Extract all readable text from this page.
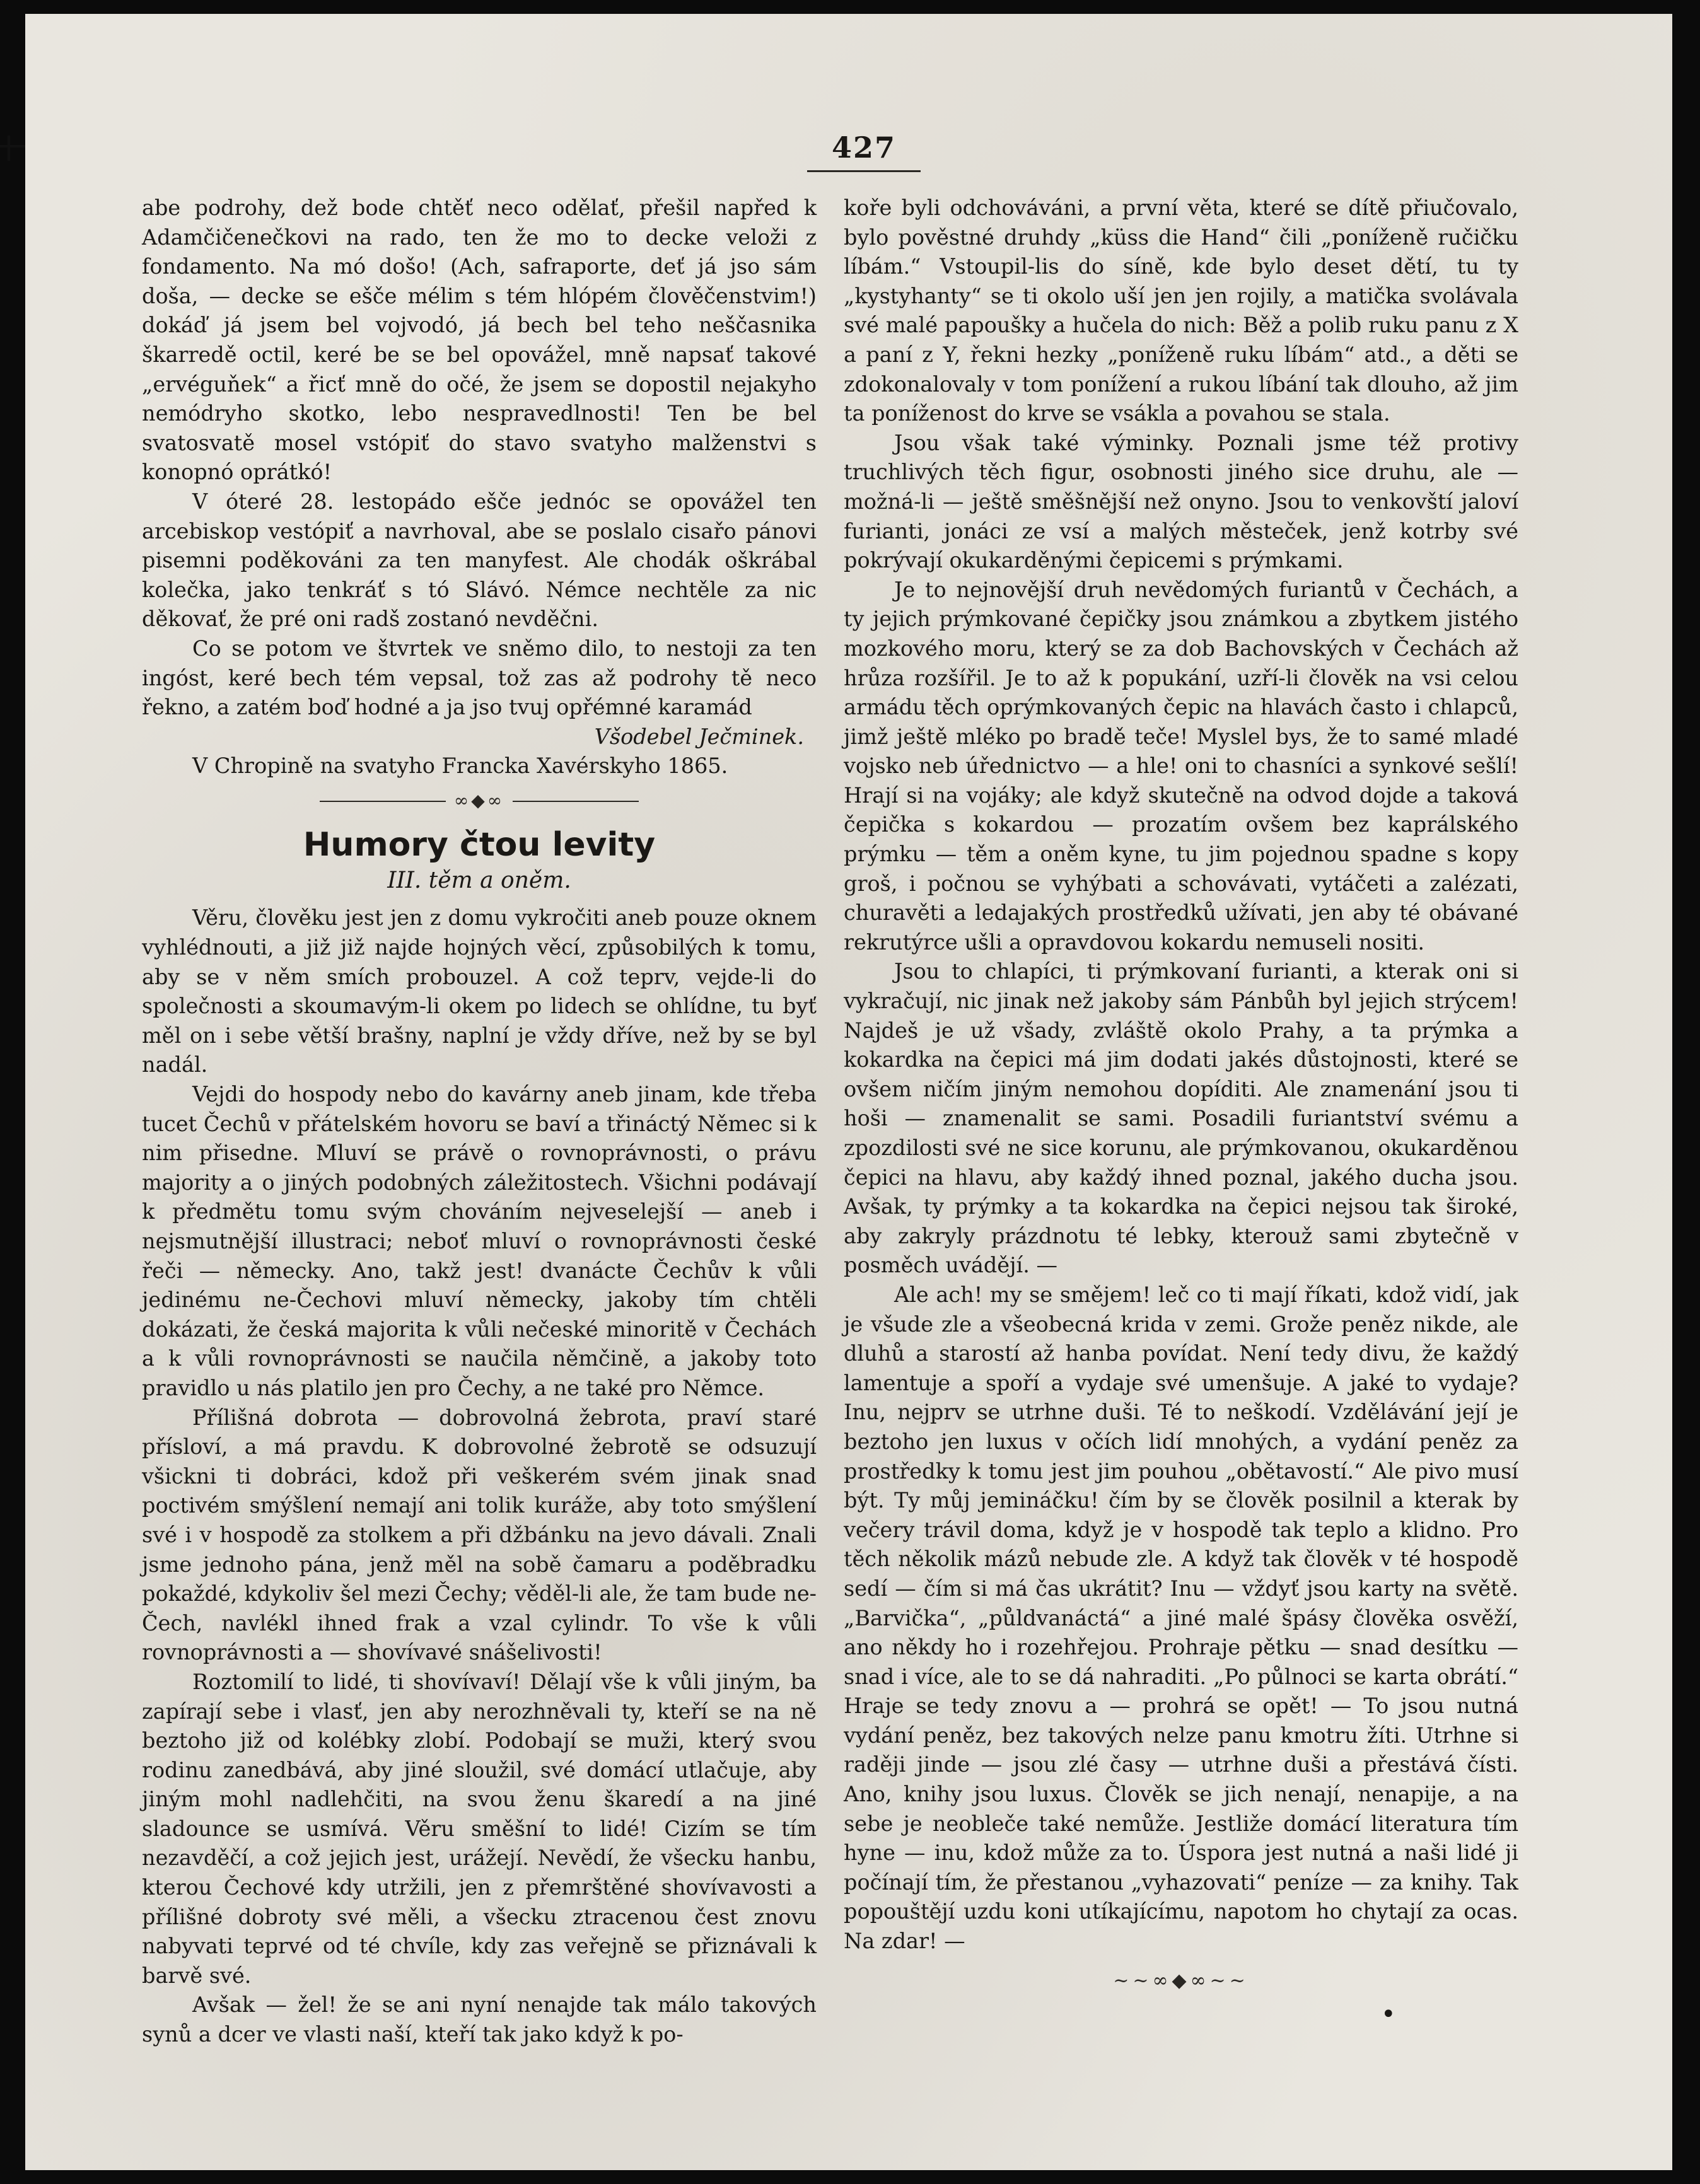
427

abe podrohy, dež bode chtěť neco odělať, přešil napřed k Adamčičenečkovi na rado, ten že mo to decke veloži z fondamento. Na mó došo! (Ach, safraporte, deť já jso sám doša, — decke se ešče mélim s tém hlópém člověčenstvim!) dokáď já jsem bel vojvodó, já bech bel teho neščasnika škarredě octil, keré be se bel opovážel, mně napsať takové „ervéguňek“ a řicť mně do očé, že jsem se dopostil nejakyho nemódryho skotko, lebo nespravedlnosti! Ten be bel svatosvatě mosel vstópiť do stavo svatyho malženstvi s konopnó oprátkó!

V óteré 28. lestopádo ešče jednóc se opovážel ten arcebiskop vestópiť a navrhoval, abe se poslalo cisařo pánovi pisemni poděkováni za ten manyfest. Ale chodák oškrábal kolečka, jako tenkráť s tó Slávó. Némce nechtěle za nic děkovať, že pré oni radš zostanó nevděčni.

Co se potom ve štvrtek ve sněmo dilo, to nestoji za ten ingóst, keré bech tém vepsal, tož zas až podrohy tě neco řekno, a zatém boď hodné a ja jso tvuj opřémné karamád

Všodebel Ječminek.

V Chropině na svatyho Francka Xavérskyho 1865.

∞◆∞
Humory čtou levity
III. těm a oněm.

Věru, člověku jest jen z domu vykročiti aneb pouze oknem vyhlédnouti, a již již najde hojných věcí, způsobilých k tomu, aby se v něm smích probouzel. A což teprv, vejde-li do společnosti a skoumavým-li okem po lidech se ohlídne, tu byť měl on i sebe větší brašny, naplní je vždy dříve, než by se byl nadál.

Vejdi do hospody nebo do kavárny aneb jinam, kde třeba tucet Čechů v přátelském hovoru se baví a třináctý Němec si k nim přisedne. Mluví se právě o rovnoprávnosti, o právu majority a o jiných podobných záležitostech. Všichni podávají k předmětu tomu svým chováním nejveselejší — aneb i nejsmutnější illustraci; neboť mluví o rovnoprávnosti české řeči — německy. Ano, takž jest! dvanácte Čechův k vůli jedinému ne-Čechovi mluví německy, jakoby tím chtěli dokázati, že česká majorita k vůli nečeské minoritě v Čechách a k vůli rovnoprávnosti se naučila němčině, a jakoby toto pravidlo u nás platilo jen pro Čechy, a ne také pro Němce.

Přílišná dobrota — dobrovolná žebrota, praví staré přísloví, a má pravdu. K dobrovolné žebrotě se odsuzují všickni ti dobráci, kdož při veškerém svém jinak snad poctivém smýšlení nemají ani tolik kuráže, aby toto smýšlení své i v hospodě za stolkem a při džbánku na jevo dávali. Znali jsme jednoho pána, jenž měl na sobě čamaru a poděbradku pokaždé, kdykoliv šel mezi Čechy; věděl-li ale, že tam bude ne-Čech, navlékl ihned frak a vzal cylindr. To vše k vůli rovnoprávnosti a — shovívavé snášelivosti!

Roztomilí to lidé, ti shovívaví! Dělají vše k vůli jiným, ba zapírají sebe i vlasť, jen aby nerozhněvali ty, kteří se na ně beztoho již od kolébky zlobí. Podobají se muži, který svou rodinu zanedbává, aby jiné sloužil, své domácí utlačuje, aby jiným mohl nadlehčiti, na svou ženu škaredí a na jiné sladounce se usmívá. Věru směšní to lidé! Cizím se tím nezavděčí, a což jejich jest, urážejí. Nevědí, že všecku hanbu, kterou Čechové kdy utržili, jen z přemrštěné shovívavosti a přílišné dobroty své měli, a všecku ztracenou čest znovu nabyvati teprvé od té chvíle, kdy zas veřejně se přiznávali k barvě své.

Avšak — žel! že se ani nyní nenajde tak málo takových synů a dcer ve vlasti naší, kteří tak jako když k po-

koře byli odchováváni, a první věta, které se dítě přiučovalo, bylo pověstné druhdy „küss die Hand“ čili „poníženě ručičku líbám.“ Vstoupil-lis do síně, kde bylo deset dětí, tu ty „kystyhanty“ se ti okolo uší jen jen rojily, a matička svolávala své malé papoušky a hučela do nich: Běž a polib ruku panu z X a paní z Y, řekni hezky „poníženě ruku líbám“ atd., a děti se zdokonalovaly v tom ponížení a rukou líbání tak dlouho, až jim ta poníženost do krve se vsákla a povahou se stala.

Jsou však také výminky. Poznali jsme též protivy truchlivých těch figur, osobnosti jiného sice druhu, ale — možná-li — ještě směšnější než onyno. Jsou to venkovští jaloví furianti, jonáci ze vsí a malých městeček, jenž kotrby své pokrývají okukarděnými čepicemi s prýmkami.

Je to nejnovější druh nevědomých furiantů v Čechách, a ty jejich prýmkované čepičky jsou známkou a zbytkem jistého mozkového moru, který se za dob Bachovských v Čechách až hrůza rozšířil. Je to až k popukání, uzří-li člověk na vsi celou armádu těch oprýmkovaných čepic na hlavách často i chlapců, jimž ještě mléko po bradě teče! Myslel bys, že to samé mladé vojsko neb úřednictvo — a hle! oni to chasníci a synkové sešlí! Hrají si na vojáky; ale když skutečně na odvod dojde a taková čepička s kokardou — prozatím ovšem bez kaprálského prýmku — těm a oněm kyne, tu jim pojednou spadne s kopy groš, i počnou se vyhýbati a schovávati, vytáčeti a zalézati, churavěti a ledajakých prostředků užívati, jen aby té obávané rekrutýrce ušli a opravdovou kokardu nemuseli nositi.

Jsou to chlapíci, ti prýmkovaní furianti, a kterak oni si vykračují, nic jinak než jakoby sám Pánbůh byl jejich strýcem! Najdeš je už všady, zvláště okolo Prahy, a ta prýmka a kokardka na čepici má jim dodati jakés důstojnosti, které se ovšem ničím jiným nemohou dopíditi. Ale znamenání jsou ti hoši — znamenalit se sami. Posadili furiantství svému a zpozdilosti své ne sice korunu, ale prýmkovanou, okukarděnou čepici na hlavu, aby každý ihned poznal, jakého ducha jsou. Avšak, ty prýmky a ta kokardka na čepici nejsou tak široké, aby zakryly prázdnotu té lebky, kterouž sami zbytečně v posměch uvádějí. —

Ale ach! my se smějem! leč co ti mají říkati, kdož vidí, jak je všude zle a všeobecná krida v zemi. Grože peněz nikde, ale dluhů a starostí až hanba povídat. Není tedy divu, že každý lamentuje a spoří a vydaje své umenšuje. A jaké to vydaje? Inu, nejprv se utrhne duši. Té to neškodí. Vzdělávání její je beztoho jen luxus v očích lidí mnohých, a vydání peněz za prostředky k tomu jest jim pouhou „obětavostí.“ Ale pivo musí být. Ty můj jemináčku! čím by se člověk posilnil a kterak by večery trávil doma, když je v hospodě tak teplo a klidno. Pro těch několik mázů nebude zle. A když tak člověk v té hospodě sedí — čím si má čas ukrátit? Inu — vždyť jsou karty na světě. „Barvička“, „půldvanáctá“ a jiné malé špásy člověka osvěží, ano někdy ho i rozehřejou. Prohraje pětku — snad desítku — snad i více, ale to se dá nahraditi. „Po půlnoci se karta obrátí.“ Hraje se tedy znovu a — prohrá se opět! — To jsou nutná vydání peněz, bez takových nelze panu kmotru žíti. Utrhne si raději jinde — jsou zlé časy — utrhne duši a přestává čísti. Ano, knihy jsou luxus. Člověk se jich nenají, nenapije, a na sebe je neobleče také nemůže. Jestliže domácí literatura tím hyne — inu, kdož může za to. Úspora jest nutná a naši lidé ji počínají tím, že přestanou „vyhazovati“ peníze — za knihy. Tak popouštějí uzdu koni utíkajícímu, napotom ho chytají za ocas. Na zdar! —

~~∞◆∞~~
•
